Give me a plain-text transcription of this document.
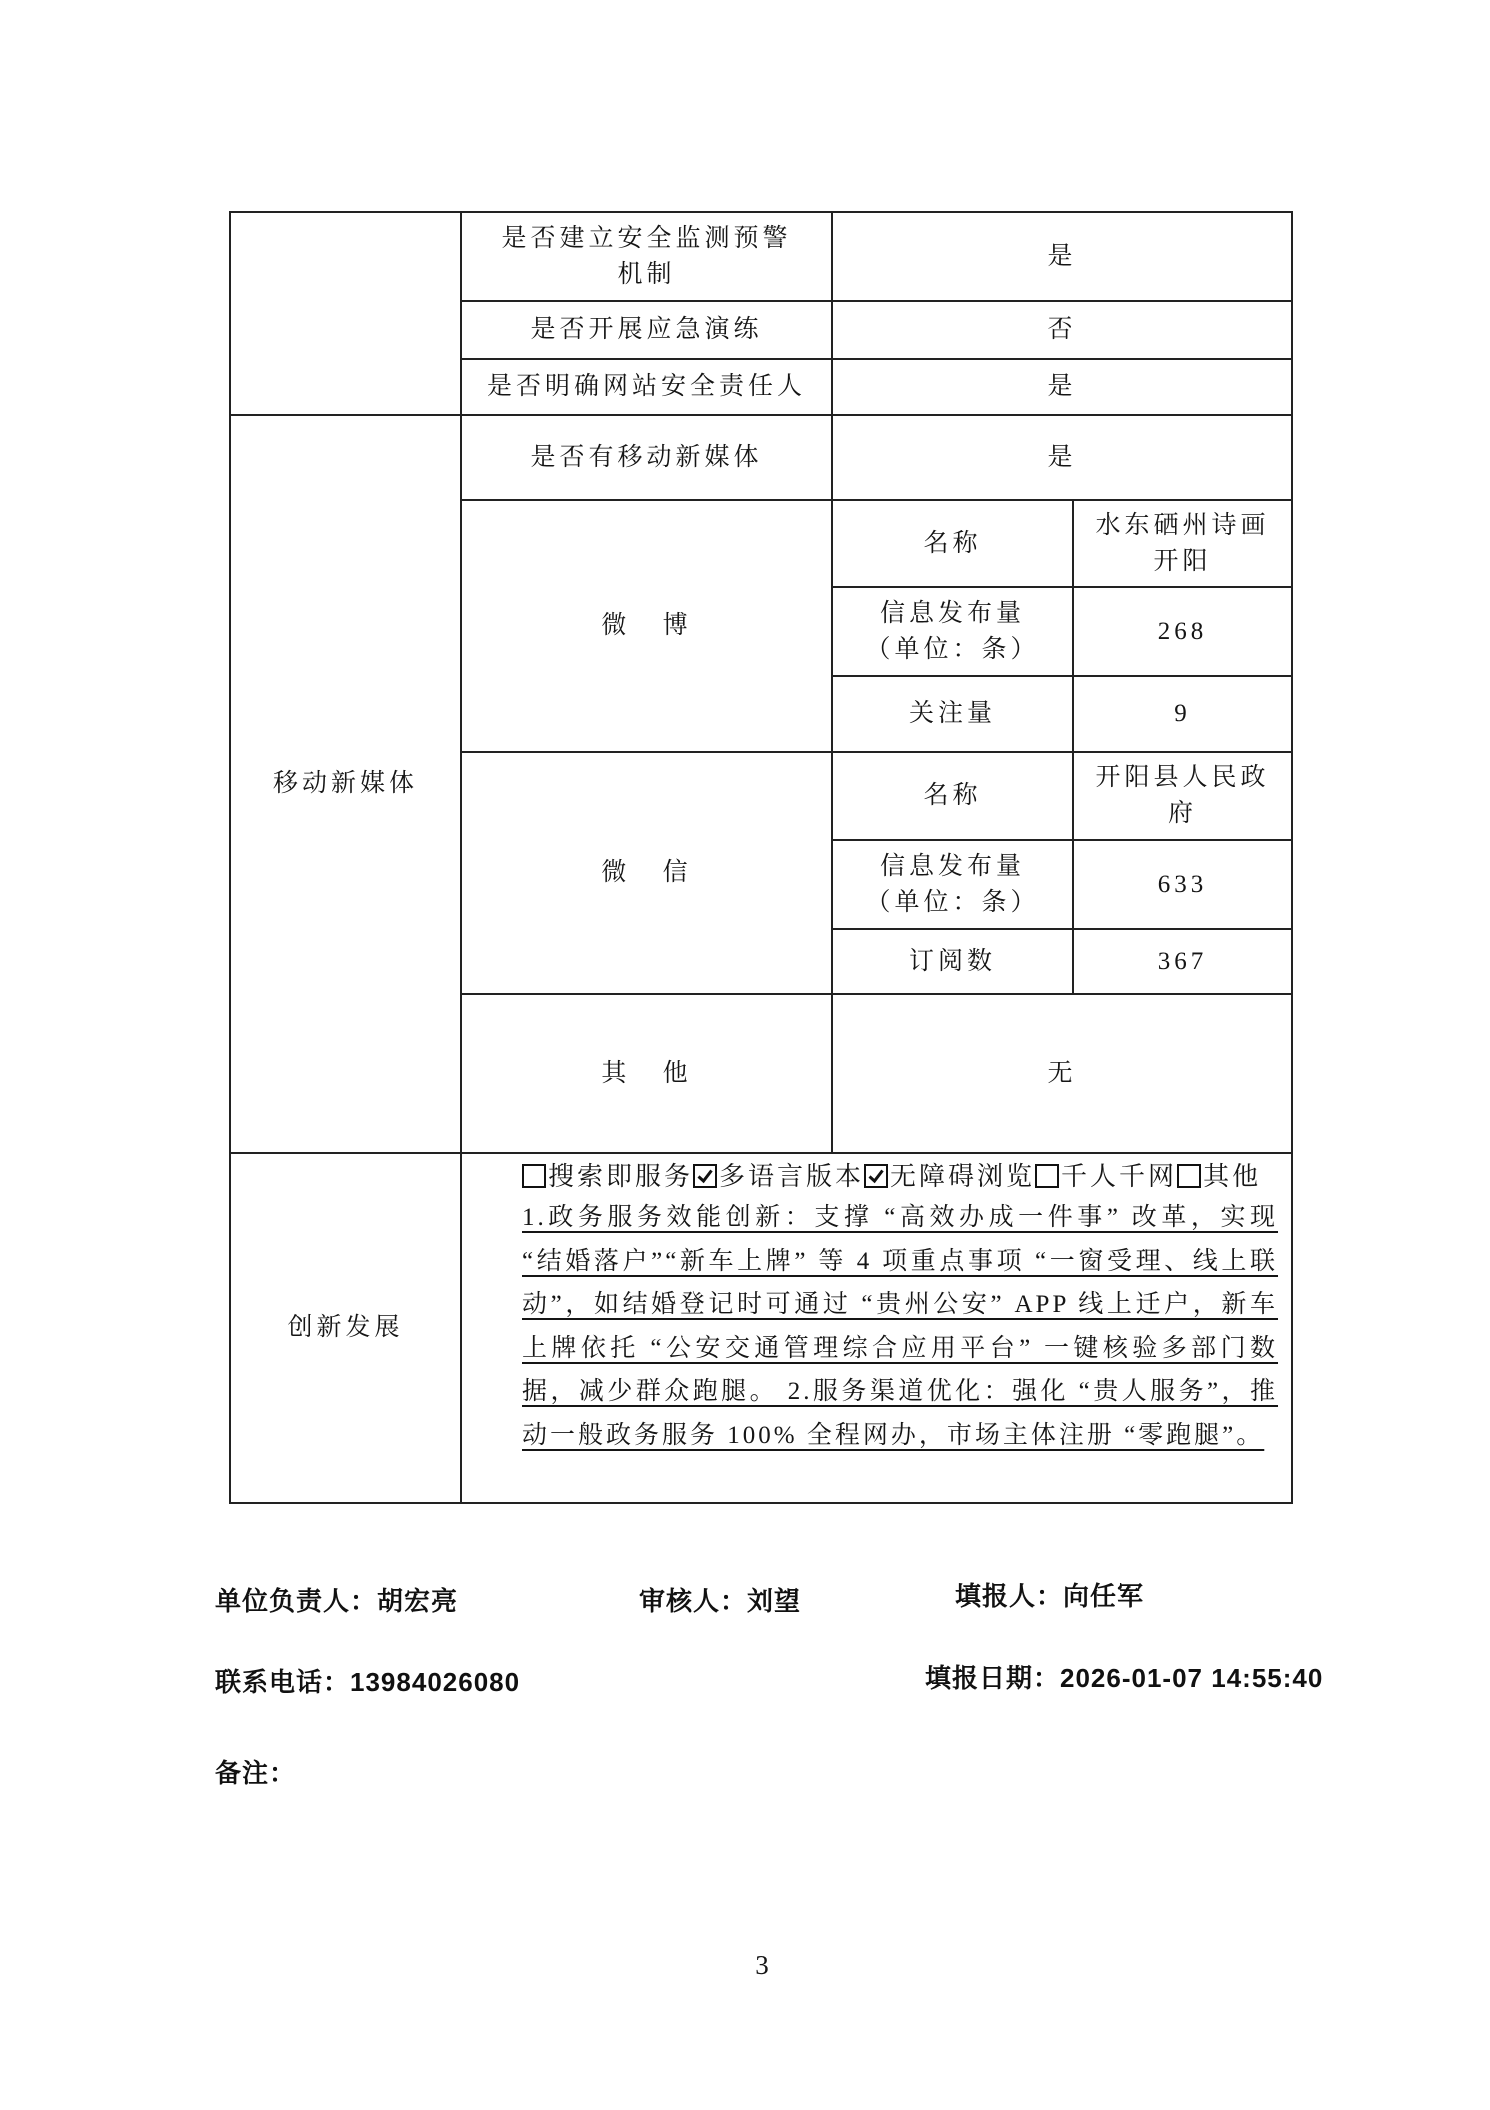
	是否建立安全监测预警机制	是	
	是否开展应急演练	否	
	是否明确网站安全责任人	是	
移动新媒体	是否有移动新媒体	是	
	微 博	名称	水东硒州诗画开阳

		信息发布量
（单位：条）	268
		关注量	9
	微 信	名称	开阳县人民政府

		信息发布量
（单位：条）	633
		订阅数	367
	其 他	无	
创新发展	搜索即服务 多语言版本 无障碍浏览 千人千网 其他

1.政务服务效能创新：支撑 “高效办成一件事” 改革，实现 “结婚落户”“新车上牌” 等 4 项重点事项 “一窗受理、线上联动”，如结婚登记时可通过 “贵州公安” APP 线上迁户，新车上牌依托 “公安交通管理综合应用平台” 一键核验多部门数据，减少群众跑腿。 2.服务渠道优化：强化 “贵人服务”，推动一般政务服务 100% 全程网办，市场主体注册 “零跑腿”。		

单位负责人：胡宏亮	审核人：刘望	填报人：向任军
联系电话：13984026080	填报日期：2026-01-07 14:55:40
备注：
3
